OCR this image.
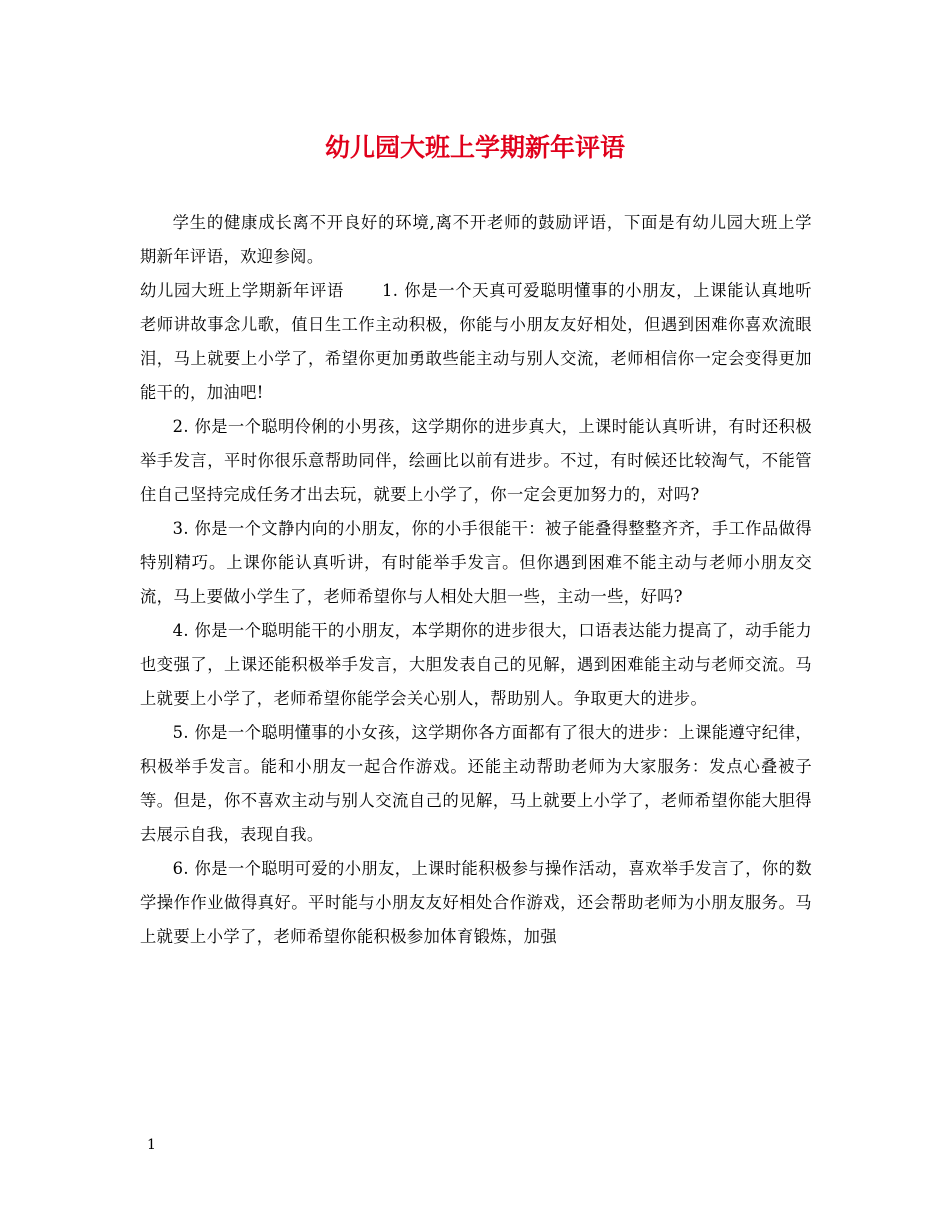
幼儿园大班上学期新年评语

学生的健康成长离不开良好的环境,离不开老师的鼓励评语，下面是有幼儿园大班上学期新年评语，欢迎参阅。

幼儿园大班上学期新年评语 1. 你是一个天真可爱聪明懂事的小朋友，上课能认真地听老师讲故事念儿歌，值日生工作主动积极，你能与小朋友友好相处，但遇到困难你喜欢流眼泪，马上就要上小学了，希望你更加勇敢些能主动与别人交流，老师相信你一定会变得更加能干的，加油吧!

2. 你是一个聪明伶俐的小男孩，这学期你的进步真大，上课时能认真听讲，有时还积极举手发言，平时你很乐意帮助同伴，绘画比以前有进步。不过，有时候还比较淘气，不能管住自己坚持完成任务才出去玩，就要上小学了，你一定会更加努力的，对吗?

3. 你是一个文静内向的小朋友，你的小手很能干：被子能叠得整整齐齐，手工作品做得特别精巧。上课你能认真听讲，有时能举手发言。但你遇到困难不能主动与老师小朋友交流，马上要做小学生了，老师希望你与人相处大胆一些，主动一些，好吗?

4. 你是一个聪明能干的小朋友，本学期你的进步很大，口语表达能力提高了，动手能力也变强了，上课还能积极举手发言，大胆发表自己的见解，遇到困难能主动与老师交流。马上就要上小学了，老师希望你能学会关心别人，帮助别人。争取更大的进步。

5. 你是一个聪明懂事的小女孩，这学期你各方面都有了很大的进步：上课能遵守纪律，积极举手发言。能和小朋友一起合作游戏。还能主动帮助老师为大家服务：发点心叠被子等。但是，你不喜欢主动与别人交流自己的见解，马上就要上小学了，老师希望你能大胆得去展示自我，表现自我。

6. 你是一个聪明可爱的小朋友，上课时能积极参与操作活动，喜欢举手发言了，你的数学操作作业做得真好。平时能与小朋友友好相处合作游戏，还会帮助老师为小朋友服务。马上就要上小学了，老师希望你能积极参加体育锻炼，加强

1
